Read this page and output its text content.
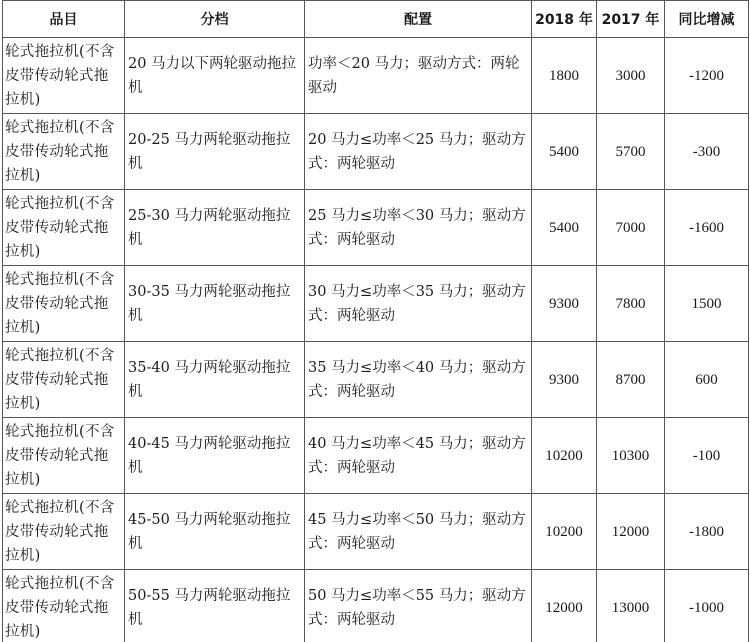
品目	分档	配置	2018 年	2017 年	同比增减
轮式拖拉机(不含皮带传动轮式拖拉机)	20 马力以下两轮驱动拖拉机	功率＜20 马力；驱动方式：两轮驱动	1800	3000	-1200
轮式拖拉机(不含皮带传动轮式拖拉机)	20-25 马力两轮驱动拖拉机	20 马力≤功率＜25 马力；驱动方式：两轮驱动	5400	5700	-300
轮式拖拉机(不含皮带传动轮式拖拉机)	25-30 马力两轮驱动拖拉机	25 马力≤功率＜30 马力；驱动方式：两轮驱动	5400	7000	-1600
轮式拖拉机(不含皮带传动轮式拖拉机)	30-35 马力两轮驱动拖拉机	30 马力≤功率＜35 马力；驱动方式：两轮驱动	9300	7800	1500
轮式拖拉机(不含皮带传动轮式拖拉机)	35-40 马力两轮驱动拖拉机	35 马力≤功率＜40 马力；驱动方式：两轮驱动	9300	8700	600
轮式拖拉机(不含皮带传动轮式拖拉机)	40-45 马力两轮驱动拖拉机	40 马力≤功率＜45 马力；驱动方式：两轮驱动	10200	10300	-100
轮式拖拉机(不含皮带传动轮式拖拉机)	45-50 马力两轮驱动拖拉机	45 马力≤功率＜50 马力；驱动方式：两轮驱动	10200	12000	-1800
轮式拖拉机(不含皮带传动轮式拖拉机)	50-55 马力两轮驱动拖拉机	50 马力≤功率＜55 马力；驱动方式：两轮驱动	12000	13000	-1000
